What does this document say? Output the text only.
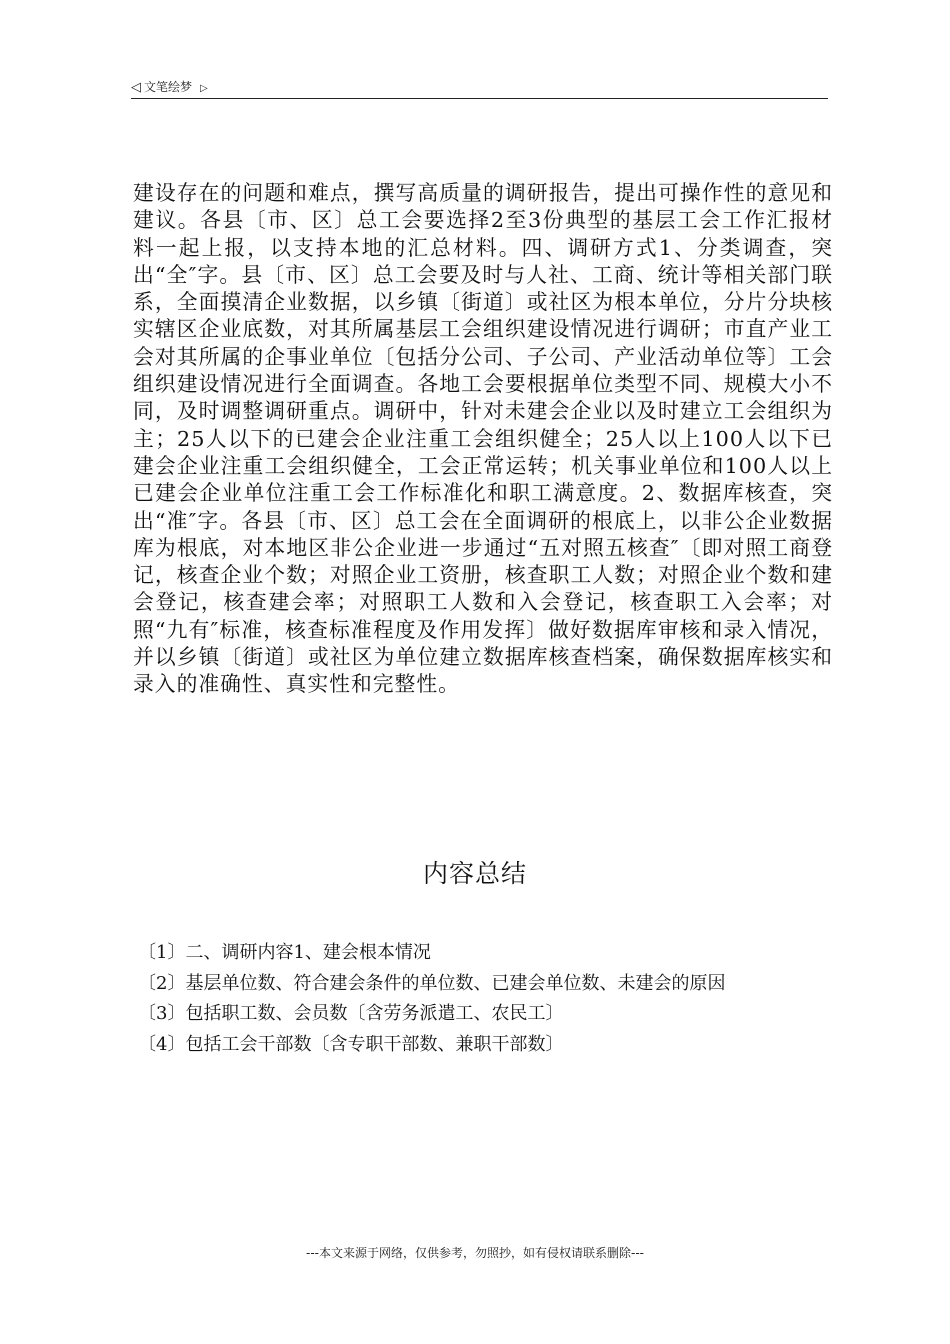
◁ 文笔绘梦 ▷
建设存在的问题和难点，撰写高质量的调研报告，提出可操作性的意见和建议。各县〔市、区〕总工会要选择2至3份典型的基层工会工作汇报材料一起上报，以支持本地的汇总材料。四、调研方式1、分类调查，突出“全″字。县〔市、区〕总工会要及时与人社、工商、统计等相关部门联系，全面摸清企业数据，以乡镇〔街道〕或社区为根本单位，分片分块核实辖区企业底数，对其所属基层工会组织建设情况进行调研；市直产业工会对其所属的企事业单位〔包括分公司、子公司、产业活动单位等〕工会组织建设情况进行全面调查。各地工会要根据单位类型不同、规模大小不同，及时调整调研重点。调研中，针对未建会企业以及时建立工会组织为主；25人以下的已建会企业注重工会组织健全；25人以上100人以下已建会企业注重工会组织健全，工会正常运转；机关事业单位和100人以上已建会企业单位注重工会工作标准化和职工满意度。2、数据库核查，突出“准″字。各县〔市、区〕总工会在全面调研的根底上，以非公企业数据库为根底，对本地区非公企业进一步通过“五对照五核查″〔即对照工商登记，核查企业个数；对照企业工资册，核查职工人数；对照企业个数和建会登记，核查建会率；对照职工人数和入会登记，核查职工入会率；对照“九有″标准，核查标准程度及作用发挥〕做好数据库审核和录入情况，并以乡镇〔街道〕或社区为单位建立数据库核查档案，确保数据库核实和录入的准确性、真实性和完整性。
内容总结
〔1〕二、调研内容1、建会根本情况
〔2〕基层单位数、符合建会条件的单位数、已建会单位数、未建会的原因
〔3〕包括职工数、会员数〔含劳务派遣工、农民工〕
〔4〕包括工会干部数〔含专职干部数、兼职干部数〕
---本文来源于网络，仅供参考，勿照抄，如有侵权请联系删除---
